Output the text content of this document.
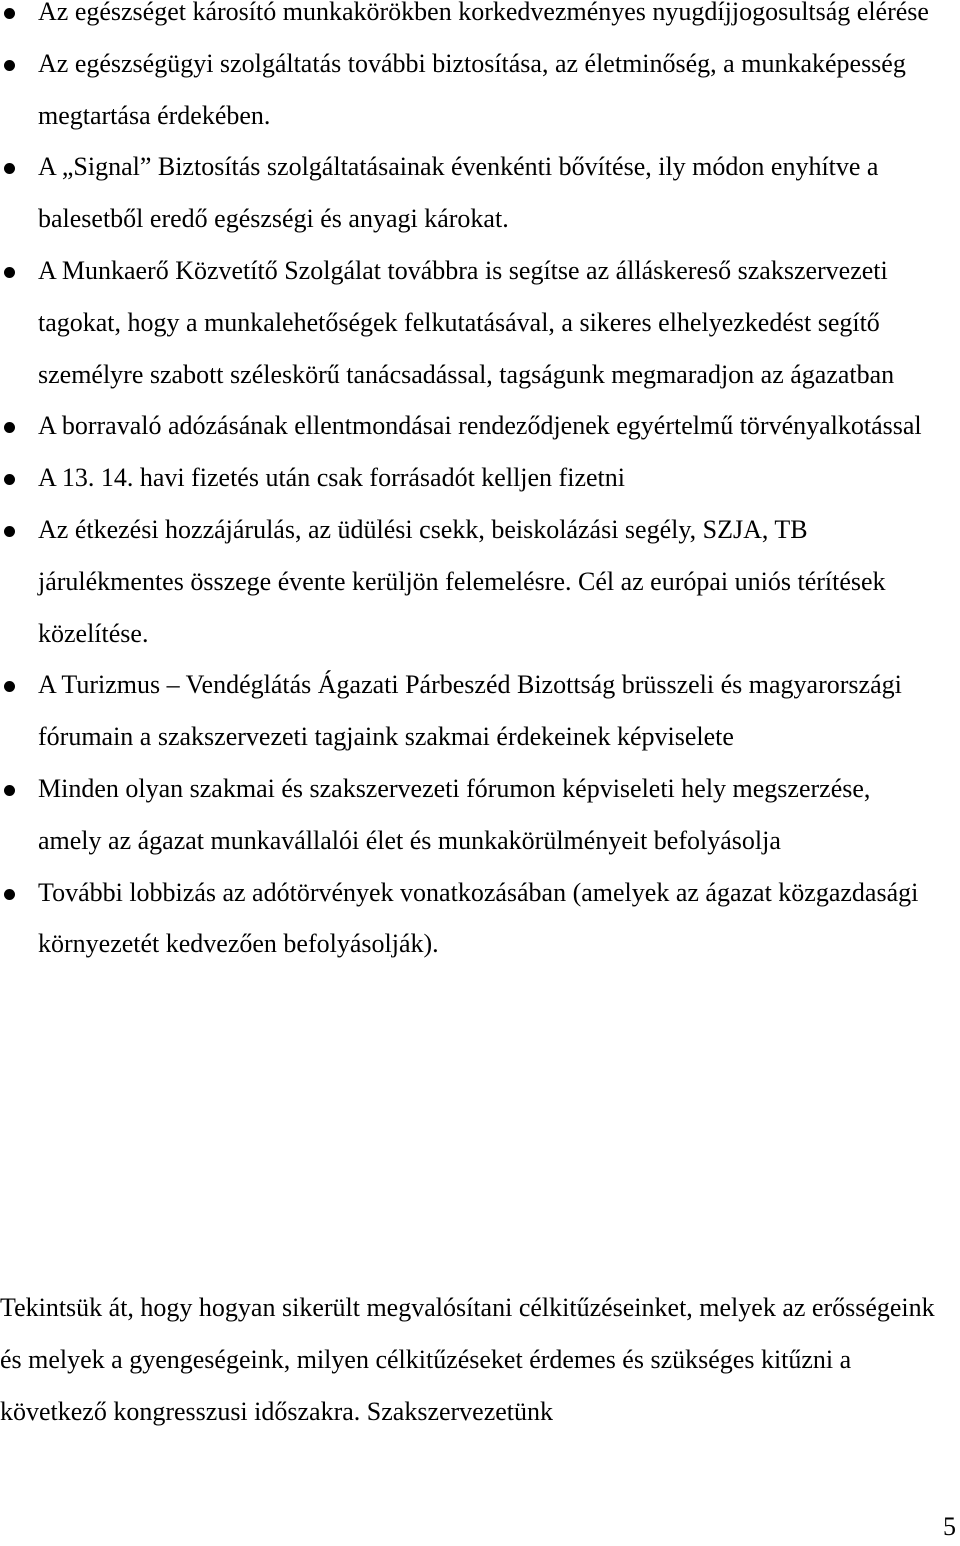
Az egészséget károsító munkakörökben korkedvezményes nyugdíjjogosultság elérése
Az egészségügyi szolgáltatás további biztosítása, az életminőség, a munkaképesség megtartása érdekében.
A „Signal” Biztosítás szolgáltatásainak évenkénti bővítése, ily módon enyhítve a balesetből eredő egészségi és anyagi károkat.
A Munkaerő Közvetítő Szolgálat továbbra is segítse az álláskereső szakszervezeti tagokat, hogy a munkalehetőségek felkutatásával, a sikeres elhelyezkedést segítő személyre szabott széleskörű tanácsadással, tagságunk megmaradjon az ágazatban
A borravaló adózásának ellentmondásai rendeződjenek egyértelmű törvényalkotással
A 13. 14. havi fizetés után csak forrásadót kelljen fizetni
Az étkezési hozzájárulás, az üdülési csekk, beiskolázási segély, SZJA, TB járulékmentes összege évente kerüljön felemelésre. Cél az európai uniós térítések közelítése.
A Turizmus – Vendéglátás Ágazati Párbeszéd Bizottság brüsszeli és magyarországi fórumain a szakszervezeti tagjaink szakmai érdekeinek képviselete
Minden olyan szakmai és szakszervezeti fórumon képviseleti hely megszerzése, amely az ágazat munkavállalói élet és munkakörülményeit befolyásolja
További lobbizás az adótörvények vonatkozásában (amelyek az ágazat közgazdasági környezetét kedvezően befolyásolják).

Tekintsük át, hogy hogyan sikerült megvalósítani célkitűzéseinket, melyek az erősségeink és melyek a gyengeségeink, milyen célkitűzéseket érdemes és szükséges kitűzni a következő kongresszusi időszakra. Szakszervezetünk

5
